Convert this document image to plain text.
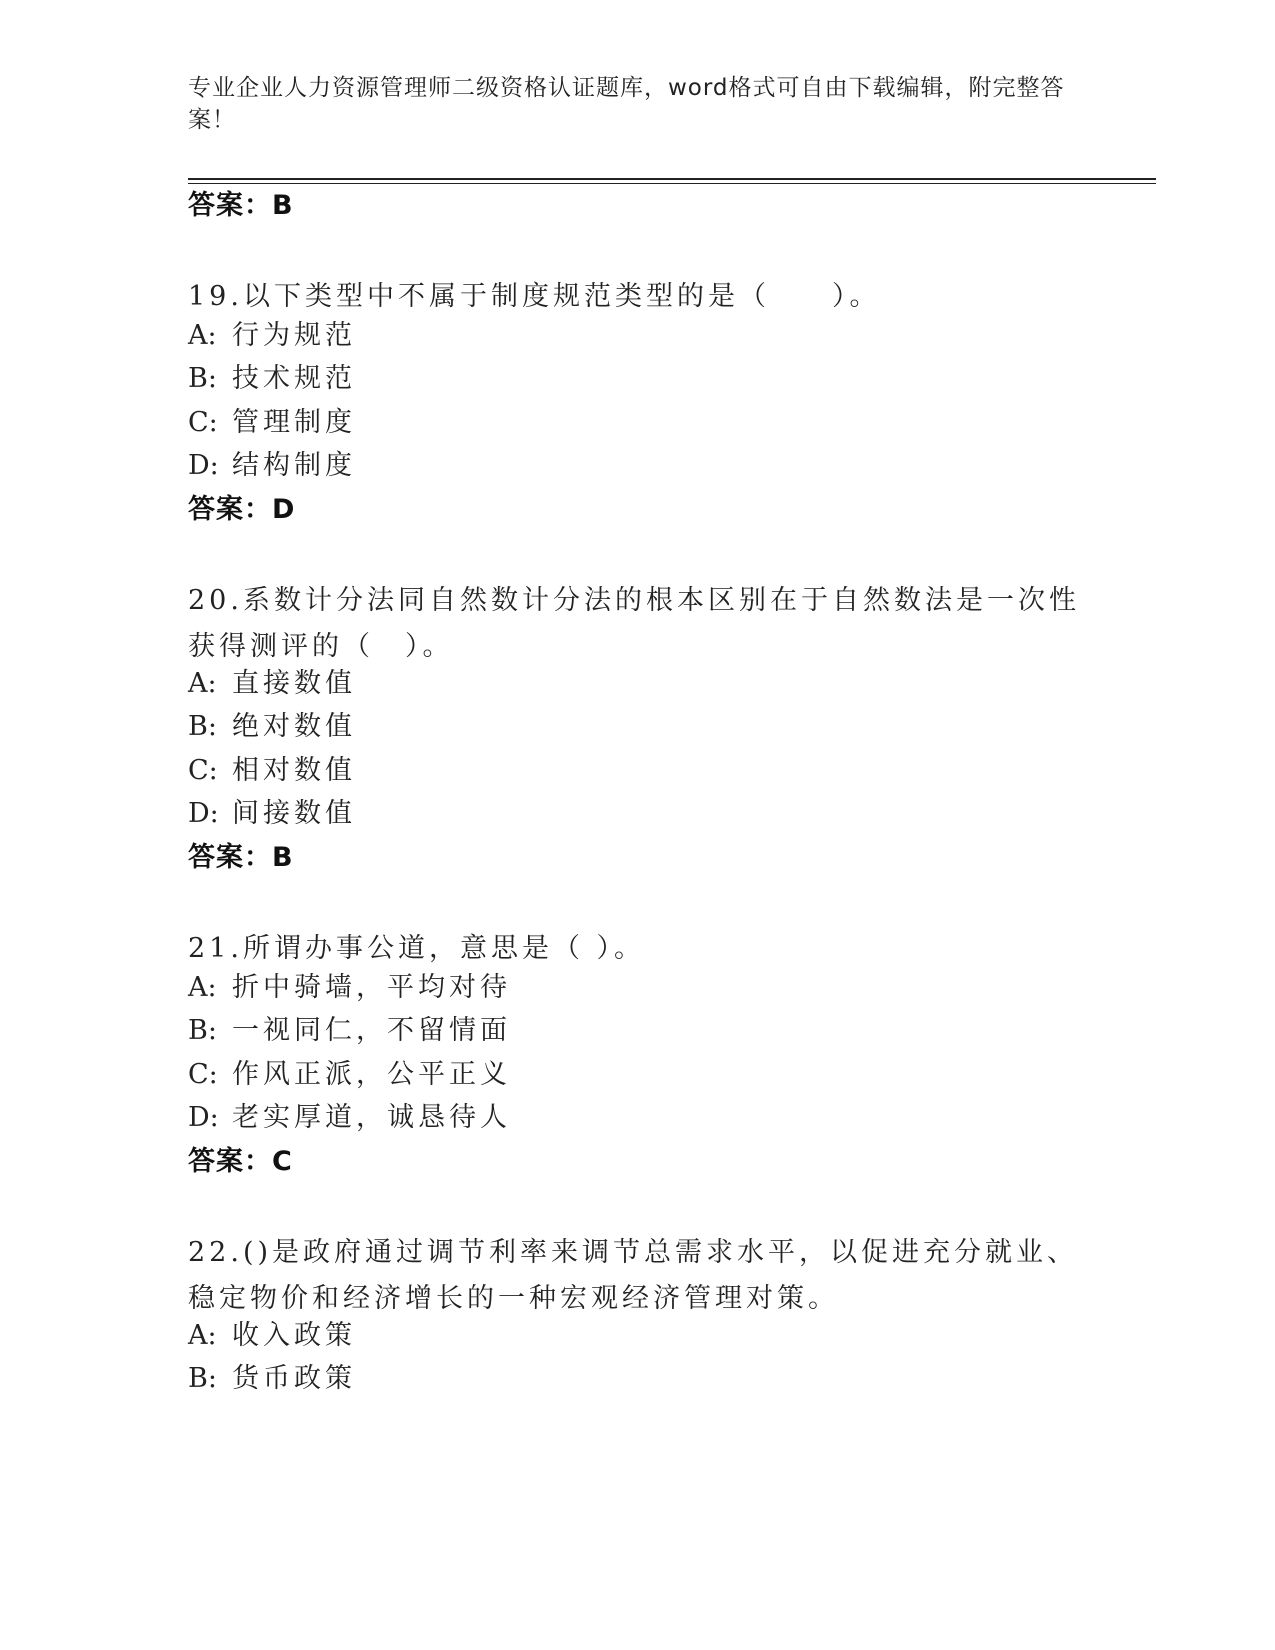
专业企业人力资源管理师二级资格认证题库，word格式可自由下载编辑，附完整答案！
答案：B
19.以下类型中不属于制度规范类型的是（　　）。
A: 行为规范
B: 技术规范
C: 管理制度
D: 结构制度
答案：D
20.系数计分法同自然数计分法的根本区别在于自然数法是一次性获得测评的（　）。
A: 直接数值
B: 绝对数值
C: 相对数值
D: 间接数值
答案：B
21.所谓办事公道，意思是（ ）。
A: 折中骑墙，平均对待
B: 一视同仁，不留情面
C: 作风正派，公平正义
D: 老实厚道，诚恳待人
答案：C
22.()是政府通过调节利率来调节总需求水平，以促进充分就业、稳定物价和经济增长的一种宏观经济管理对策。
A: 收入政策
B: 货币政策
